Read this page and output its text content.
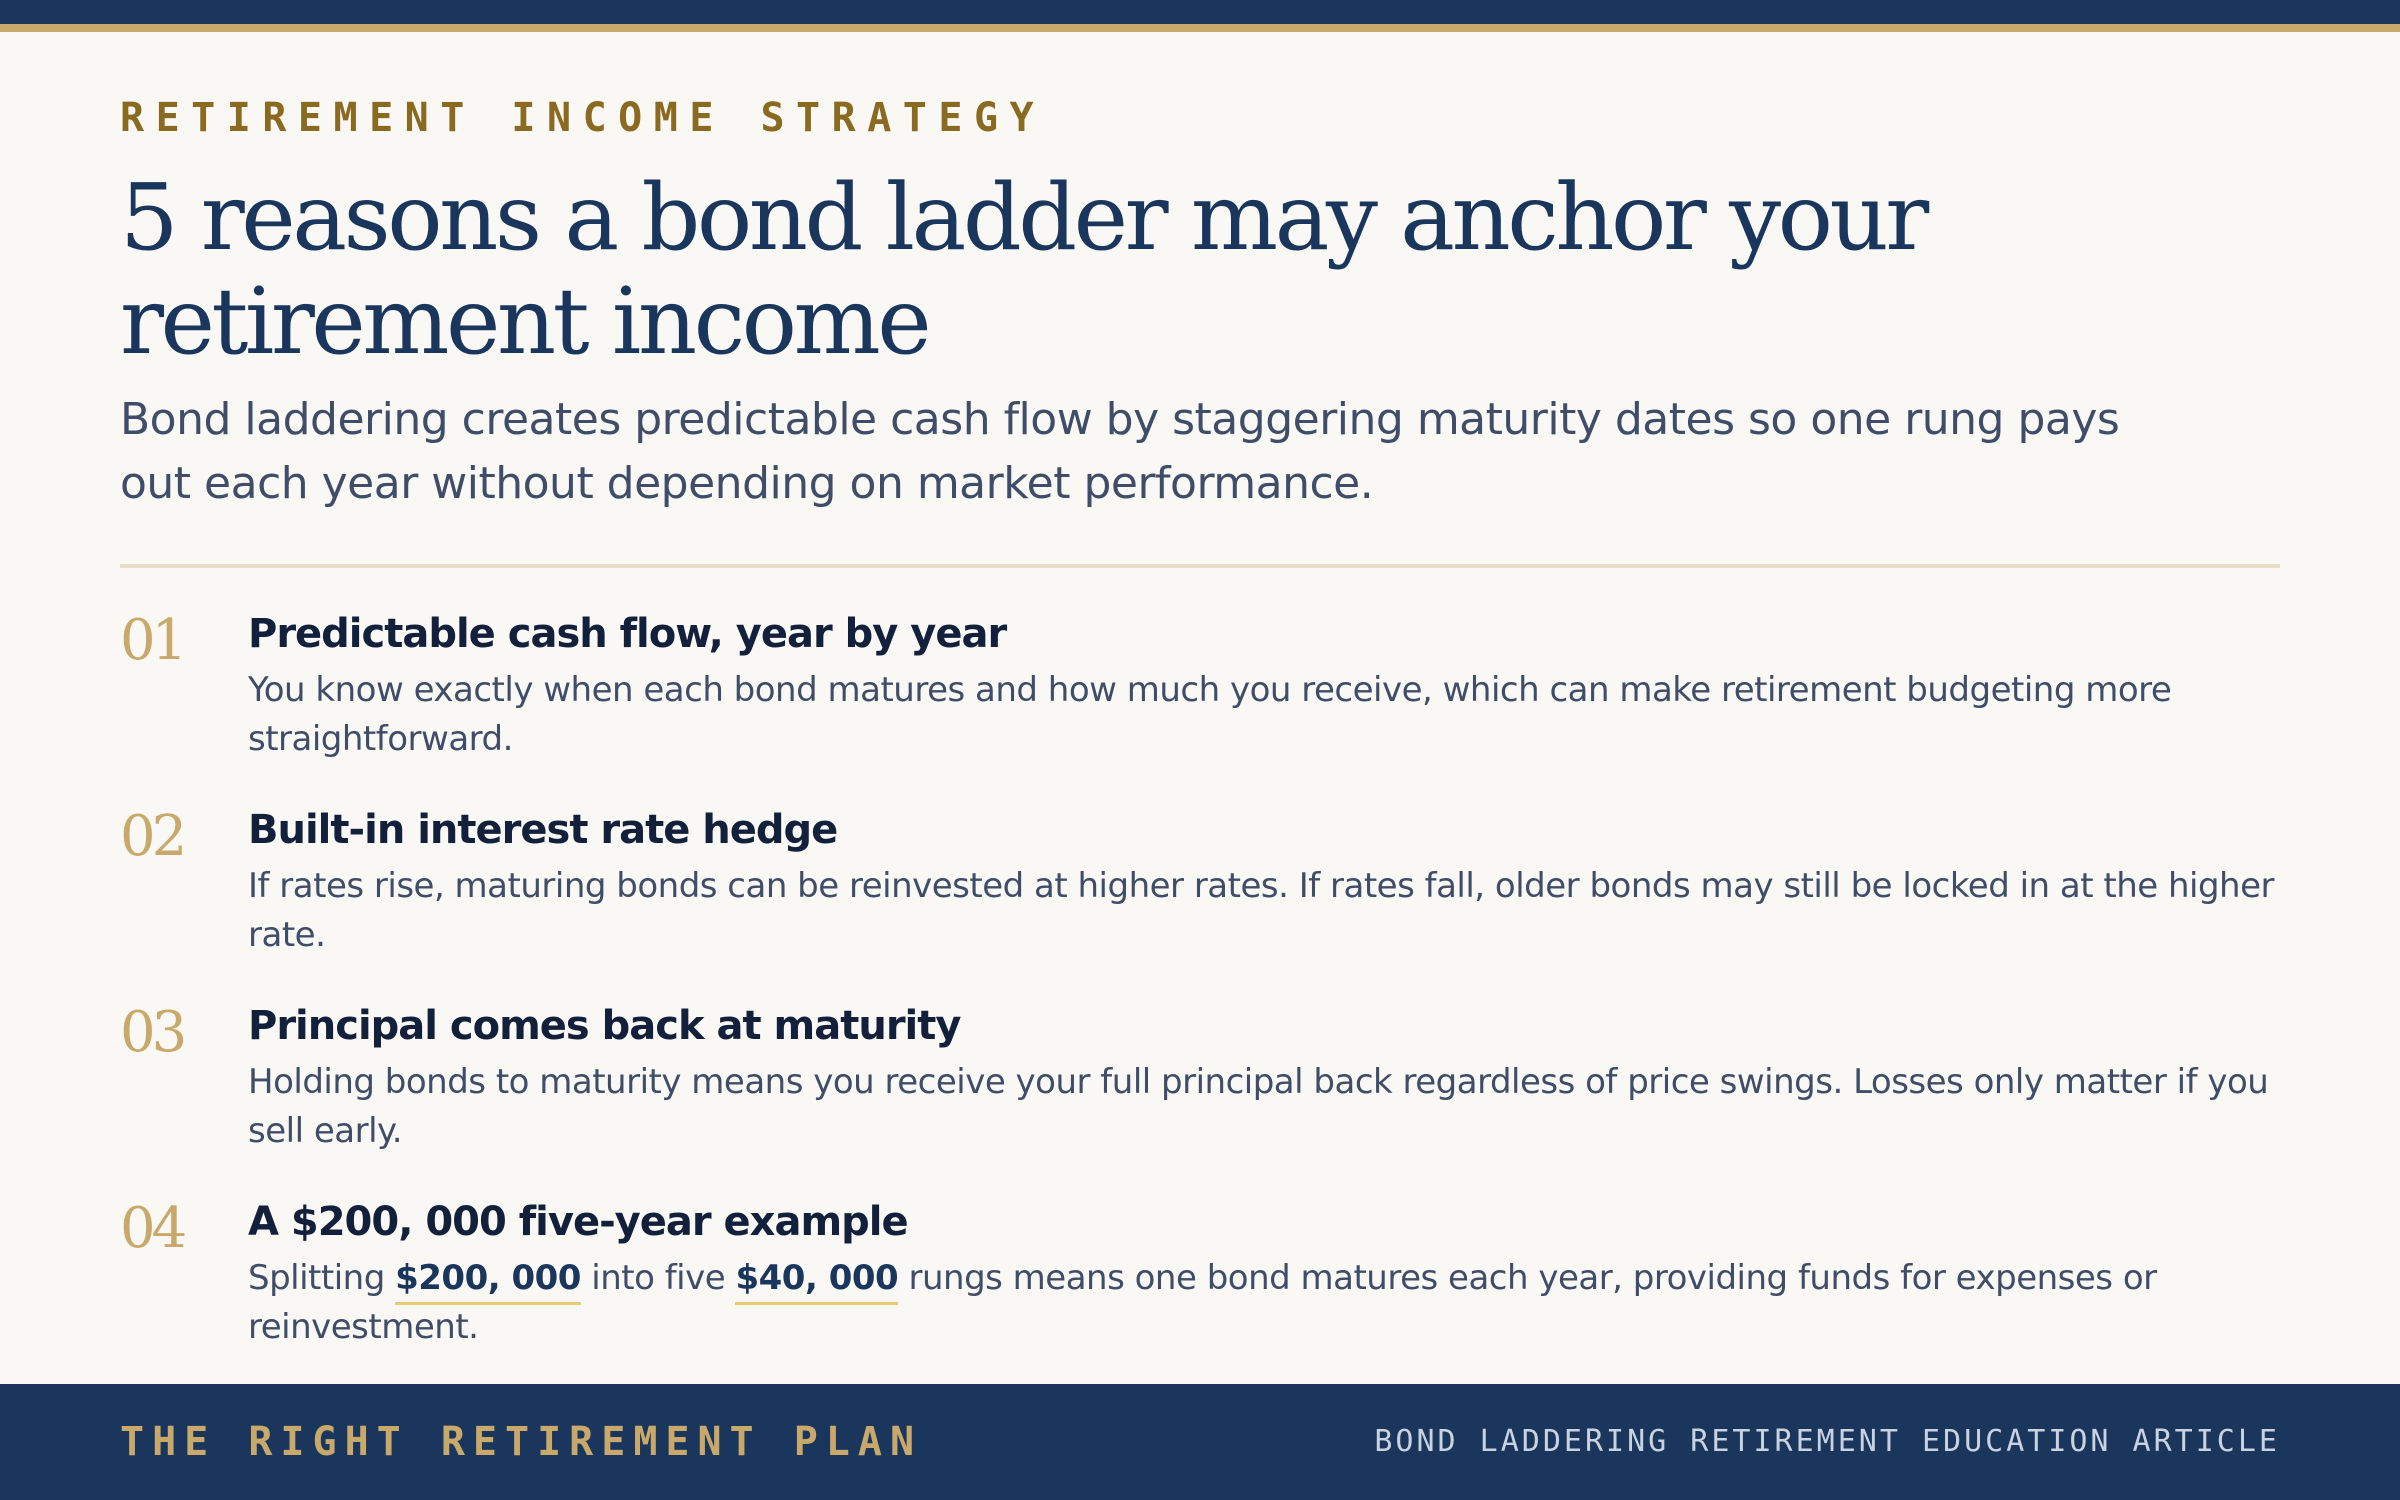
RETIREMENT INCOME STRATEGY
5 reasons a bond ladder may anchor your retirement income

Bond laddering creates predictable cash flow by staggering maturity dates so one rung pays out each year without depending on market performance.

01 Predictable cash flow, year by year
You know exactly when each bond matures and how much you receive, which can make retirement budgeting more straightforward.
02 Built-in interest rate hedge
If rates rise, maturing bonds can be reinvested at higher rates. If rates fall, older bonds may still be locked in at the higher rate.
03 Principal comes back at maturity
Holding bonds to maturity means you receive your full principal back regardless of price swings. Losses only matter if you sell early.
04 A $200, 000 five-year example
Splitting $200, 000 into five $40, 000 rungs means one bond matures each year, providing funds for expenses or reinvestment.
THE RIGHT RETIREMENT PLAN	BOND LADDERING RETIREMENT EDUCATION ARTICLE
